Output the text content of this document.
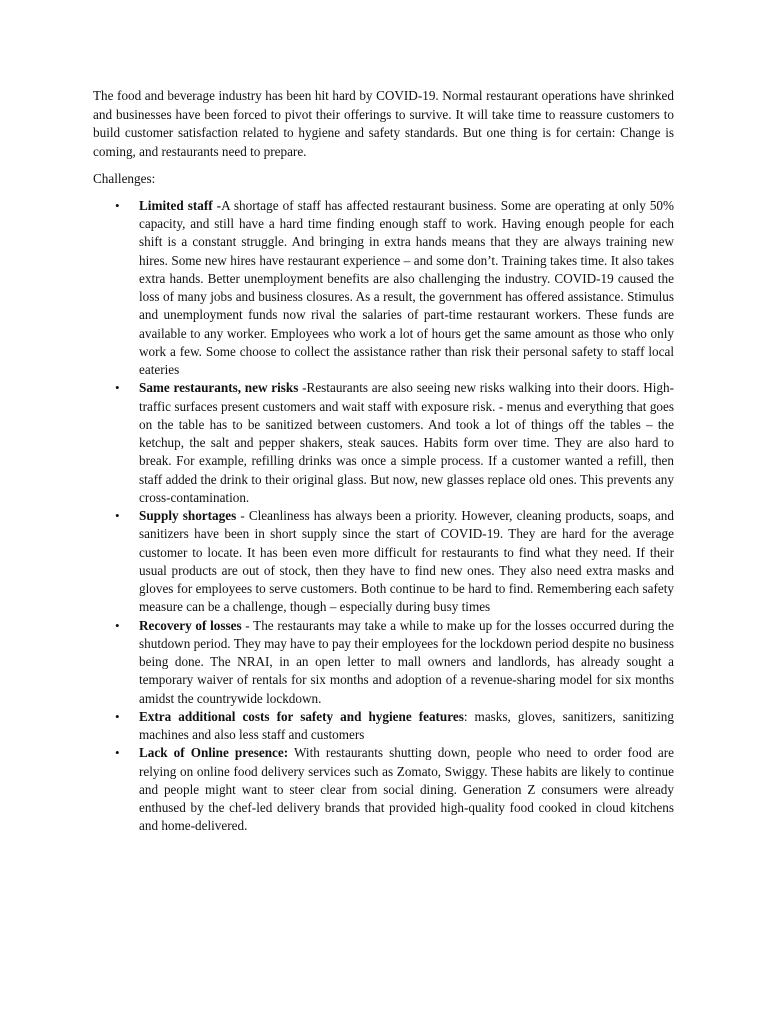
The food and beverage industry has been hit hard by COVID-19. Normal restaurant operations have shrinked and businesses have been forced to pivot their offerings to survive. It will take time to reassure customers to build customer satisfaction related to hygiene and safety standards. But one thing is for certain: Change is coming, and restaurants need to prepare.

Challenges:

• Limited staff -A shortage of staff has affected restaurant business. Some are operating at only 50% capacity, and still have a hard time finding enough staff to work. Having enough people for each shift is a constant struggle. And bringing in extra hands means that they are always training new hires. Some new hires have restaurant experience – and some don’t. Training takes time. It also takes extra hands. Better unemployment benefits are also challenging the industry. COVID-19 caused the loss of many jobs and business closures. As a result, the government has offered assistance. Stimulus and unemployment funds now rival the salaries of part-time restaurant workers. These funds are available to any worker. Employees who work a lot of hours get the same amount as those who only work a few. Some choose to collect the assistance rather than risk their personal safety to staff local eateries
• Same restaurants, new risks -Restaurants are also seeing new risks walking into their doors. High-traffic surfaces present customers and wait staff with exposure risk. - menus and everything that goes on the table has to be sanitized between customers. And took a lot of things off the tables – the ketchup, the salt and pepper shakers, steak sauces. Habits form over time. They are also hard to break. For example, refilling drinks was once a simple process. If a customer wanted a refill, then staff added the drink to their original glass. But now, new glasses replace old ones. This prevents any cross-contamination.
• Supply shortages - Cleanliness has always been a priority. However, cleaning products, soaps, and sanitizers have been in short supply since the start of COVID-19. They are hard for the average customer to locate. It has been even more difficult for restaurants to find what they need. If their usual products are out of stock, then they have to find new ones. They also need extra masks and gloves for employees to serve customers. Both continue to be hard to find. Remembering each safety measure can be a challenge, though – especially during busy times
• Recovery of losses - The restaurants may take a while to make up for the losses occurred during the shutdown period. They may have to pay their employees for the lockdown period despite no business being done. The NRAI, in an open letter to mall owners and landlords, has already sought a temporary waiver of rentals for six months and adoption of a revenue-sharing model for six months amidst the countrywide lockdown.
• Extra additional costs for safety and hygiene features: masks, gloves, sanitizers, sanitizing machines and also less staff and customers
• Lack of Online presence: With restaurants shutting down, people who need to order food are relying on online food delivery services such as Zomato, Swiggy. These habits are likely to continue and people might want to steer clear from social dining. Generation Z consumers were already enthused by the chef-led delivery brands that provided high-quality food cooked in cloud kitchens and home-delivered.
